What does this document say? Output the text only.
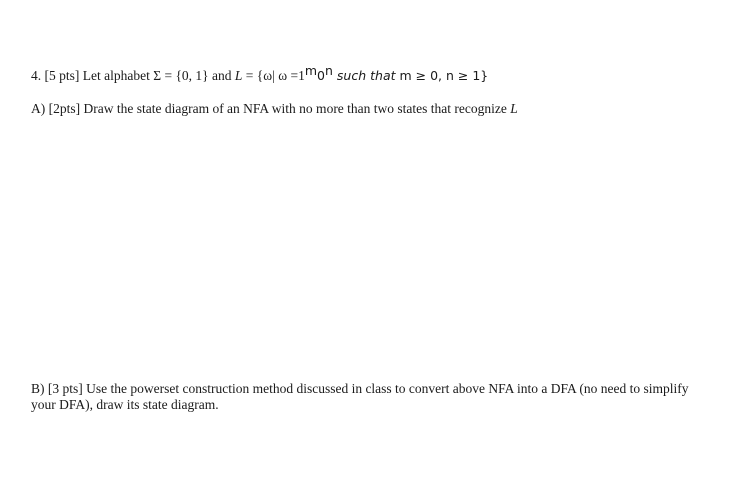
4. [5 pts] Let alphabet Σ = {0, 1} and L = {ω| $\omega =1^m0^n$ such that m ≥ 0, n ≥ 1}
A) [2pts] Draw the state diagram of an NFA with no more than two states that recognize L
B) [3 pts] Use the powerset construction method discussed in class to convert above NFA into a DFA (no need to simplify your DFA), draw its state diagram.
